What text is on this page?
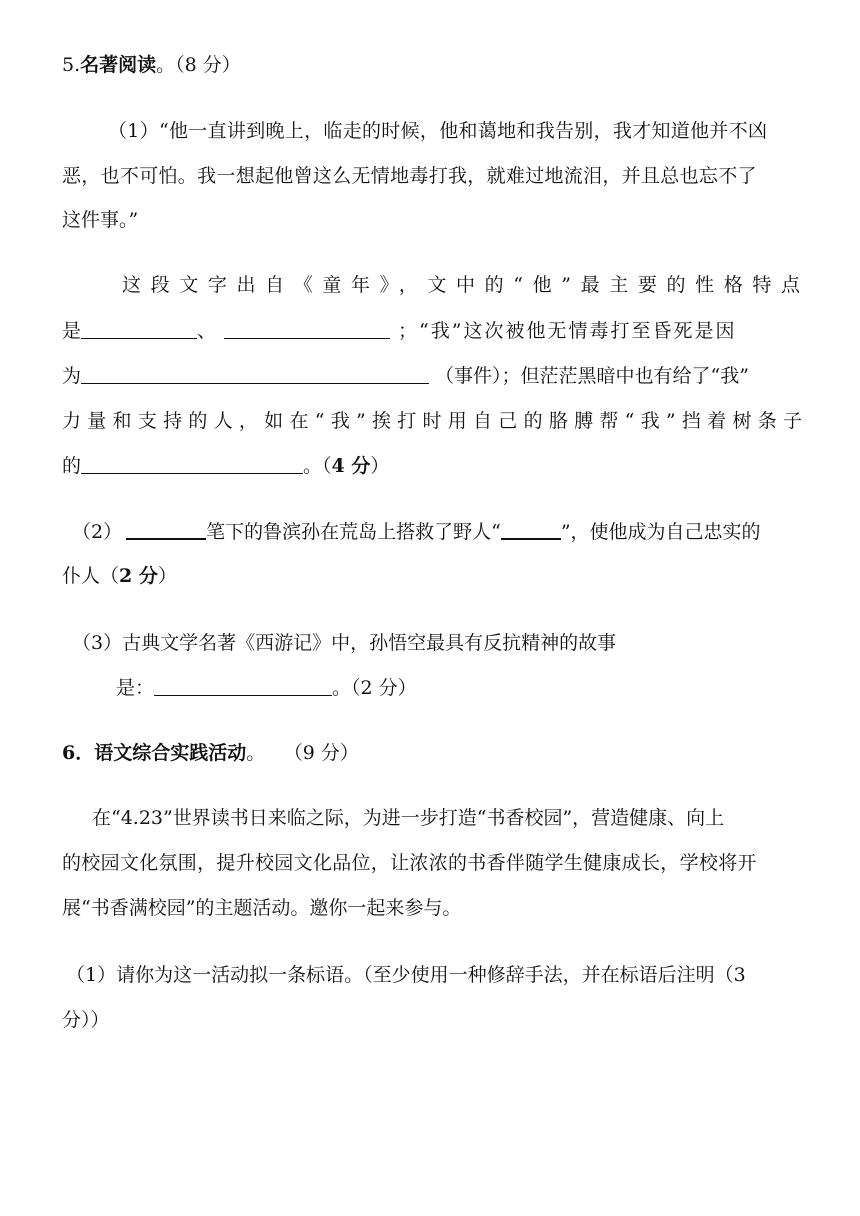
5.名著阅读。（8 分）
（1）“他一直讲到晚上，临走的时候，他和蔼地和我告别，我才知道他并不凶
恶，也不可怕。我一想起他曾这么无情地毒打我，就难过地流泪，并且总也忘不了
这件事。”
这段文字出自《童年》，文中的“他”最主要的性格特点
是	、	；“我”这次被他无情毒打至昏死是因
为	（事件）；但茫茫黑暗中也有给了“我”
力量和支持的人，如在“我”挨打时用自己的胳膊帮“我”挡着树条子
的	。（4 分）
（2）	笔下的鲁滨孙在荒岛上搭救了野人“	”，使他成为自己忠实的
仆人（2 分）
（3）古典文学名著《西游记》中，孙悟空最具有反抗精神的故事
是：	。（2 分）
6．语文综合实践活动。 （9 分）
在“4.23”世界读书日来临之际，为进一步打造“书香校园”，营造健康、向上
的校园文化氛围，提升校园文化品位，让浓浓的书香伴随学生健康成长，学校将开
展“书香满校园”的主题活动。邀你一起来参与。
（1）请你为这一活动拟一条标语。（至少使用一种修辞手法，并在标语后注明（3
分））
